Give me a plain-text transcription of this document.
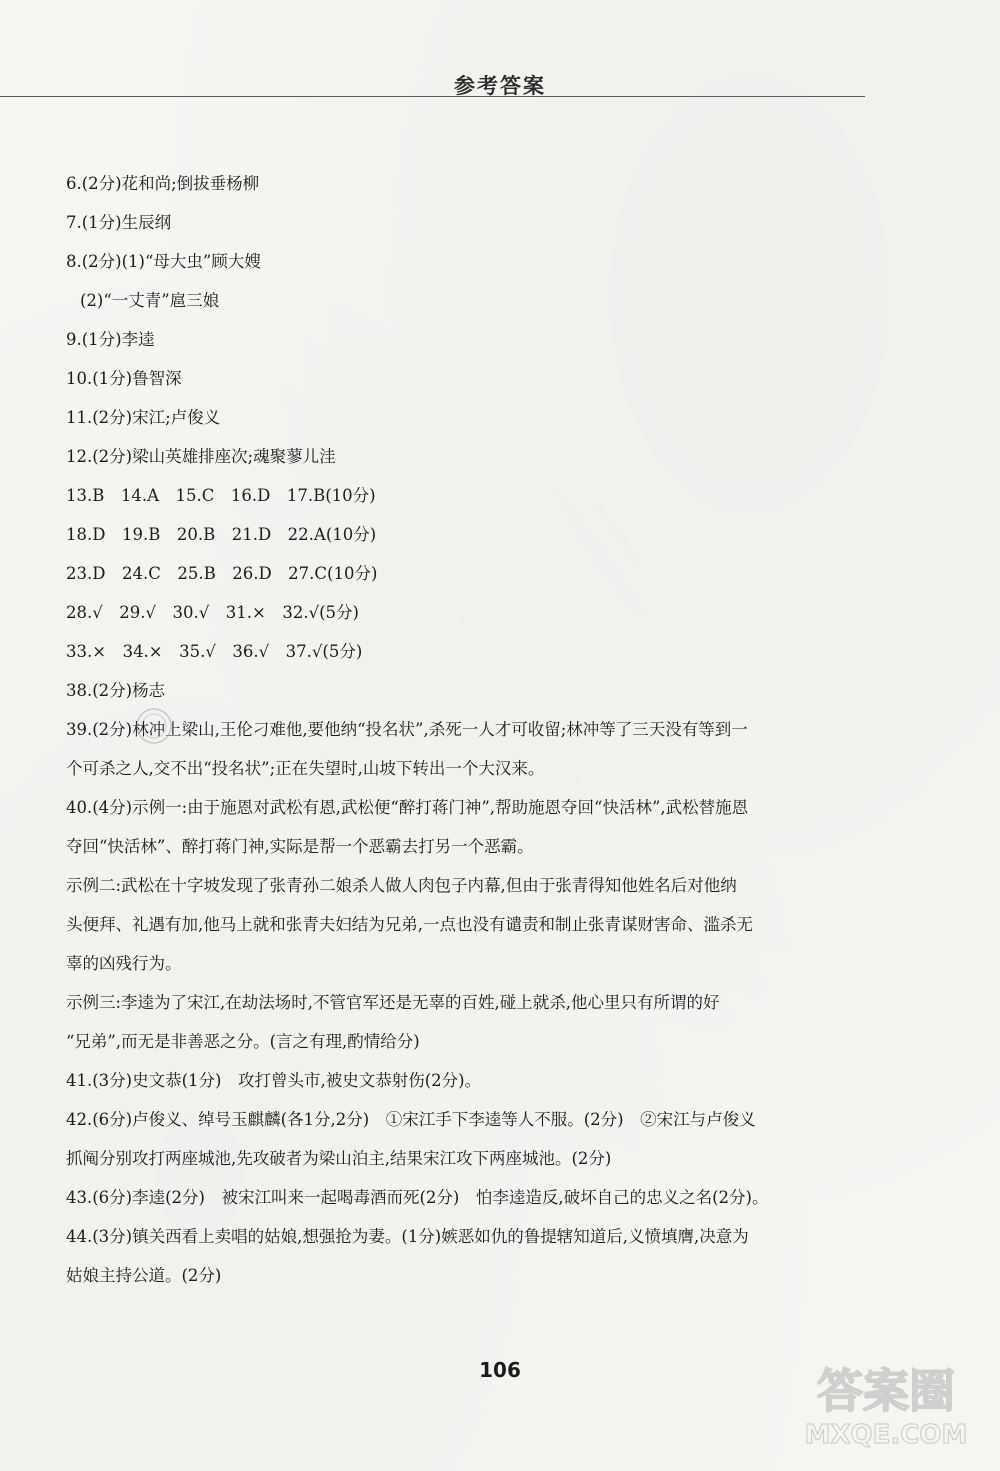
参考答案
6.(2分)花和尚;倒拔垂杨柳
7.(1分)生辰纲
8.(2分)(1)“母大虫”顾大嫂
(2)“一丈青”扈三娘
9.(1分)李逵
10.(1分)鲁智深
11.(2分)宋江;卢俊义
12.(2分)梁山英雄排座次;魂聚蓼儿洼
13.B　14.A　15.C　16.D　17.B(10分)
18.D　19.B　20.B　21.D　22.A(10分)
23.D　24.C　25.B　26.D　27.C(10分)
28.√　29.√　30.√　31.×　32.√(5分)
33.×　34.×　35.√　36.√　37.√(5分)
38.(2分)杨志
39.(2分)林冲上梁山,王伦刁难他,要他纳“投名状”,杀死一人才可收留;林冲等了三天没有等到一
个可杀之人,交不出“投名状”;正在失望时,山坡下转出一个大汉来。
40.(4分)示例一:由于施恩对武松有恩,武松便“醉打蒋门神”,帮助施恩夺回“快活林”,武松替施恩
夺回“快活林”、醉打蒋门神,实际是帮一个恶霸去打另一个恶霸。
示例二:武松在十字坡发现了张青孙二娘杀人做人肉包子内幕,但由于张青得知他姓名后对他纳
头便拜、礼遇有加,他马上就和张青夫妇结为兄弟,一点也没有谴责和制止张青谋财害命、滥杀无
辜的凶残行为。
示例三:李逵为了宋江,在劫法场时,不管官军还是无辜的百姓,碰上就杀,他心里只有所谓的好
“兄弟”,而无是非善恶之分。(言之有理,酌情给分)
41.(3分)史文恭(1分)　攻打曾头市,被史文恭射伤(2分)。
42.(6分)卢俊义、绰号玉麒麟(各1分,2分)　①宋江手下李逵等人不服。(2分)　②宋江与卢俊义
抓阄分别攻打两座城池,先攻破者为梁山泊主,结果宋江攻下两座城池。(2分)
43.(6分)李逵(2分)　被宋江叫来一起喝毒酒而死(2分)　怕李逵造反,破坏自己的忠义之名(2分)。
44.(3分)镇关西看上卖唱的姑娘,想强抢为妻。(1分)嫉恶如仇的鲁提辖知道后,义愤填膺,决意为
姑娘主持公道。(2分)
106	答案圈
MXQE.COM
